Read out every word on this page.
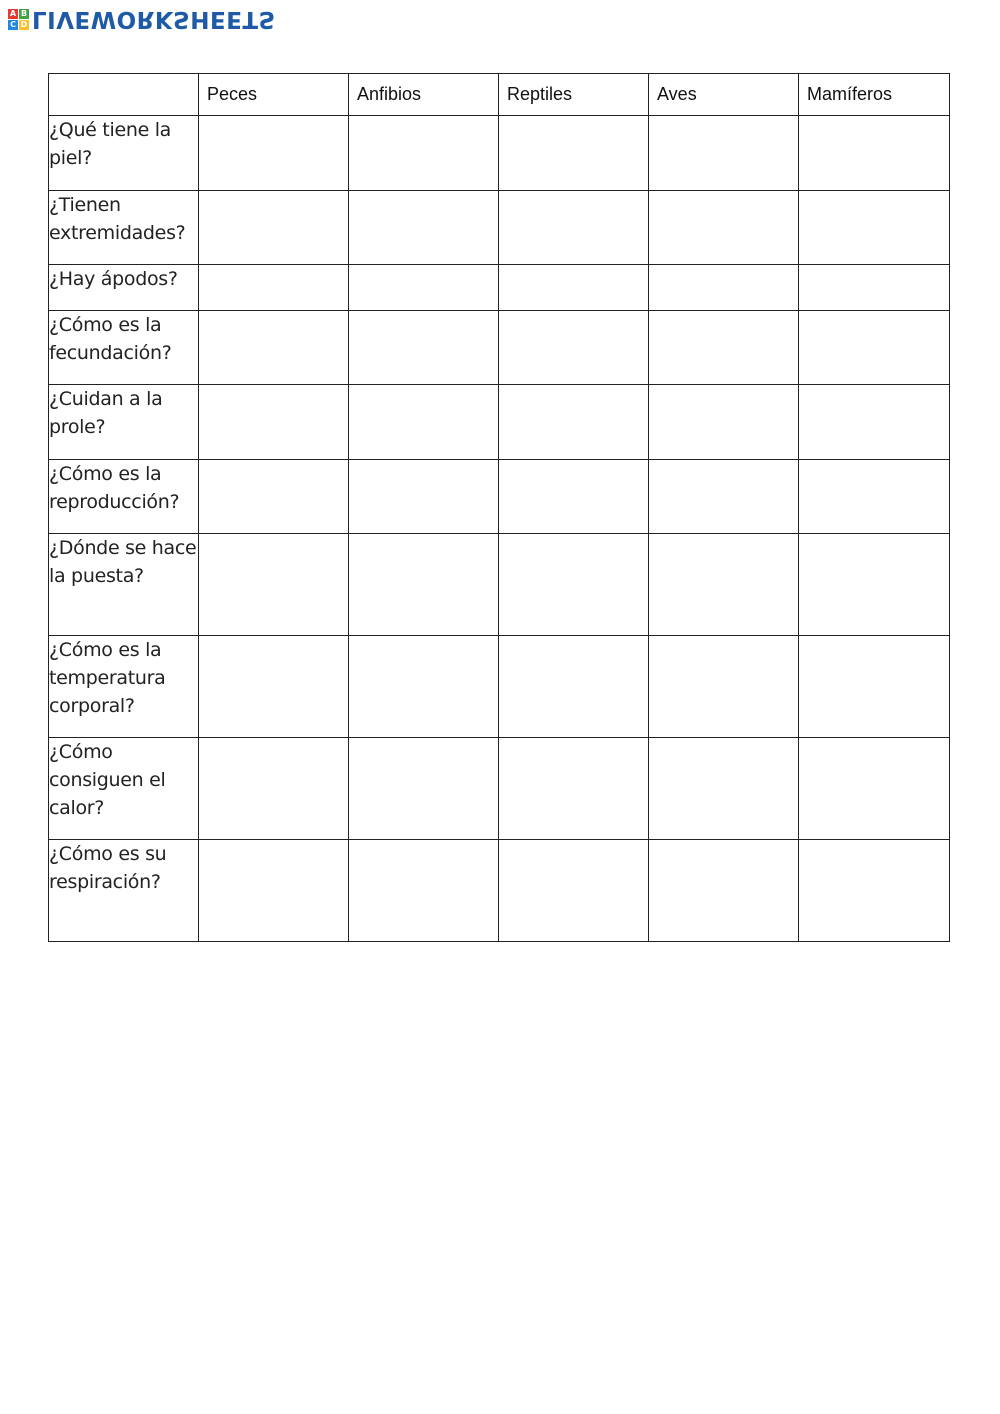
A B
C D LIVEWORKSHEETS
	Peces	Anfibios	Reptiles	Aves	Mamíferos
¿Qué tiene la piel?					
¿Tienen extremidades?					
¿Hay ápodos?					
¿Cómo es la fecundación?					
¿Cuidan a la prole?					
¿Cómo es la reproducción?					
¿Dónde se hace la puesta?					
¿Cómo es la temperatura corporal?					
¿Cómo consiguen el calor?					
¿Cómo es su respiración?					
